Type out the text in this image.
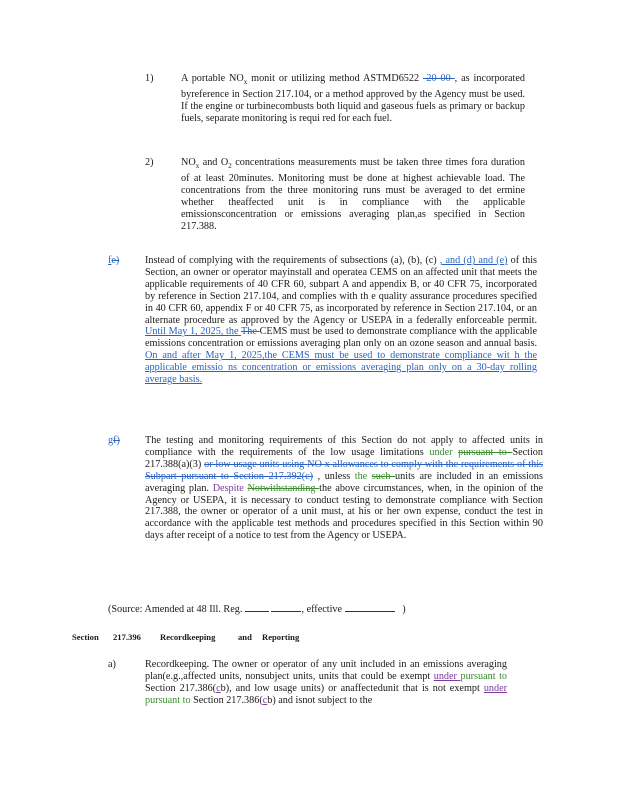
1)	A portable $NO_x$ monit or utilizing method ASTMD6522 -20 00 , as incorporated byreference in Section 217.104, or a method approved by the Agency must be used. If the engine or turbinecombusts both liquid and gaseous fuels as primary or backup fuels, separate monitoring is requi red for each fuel.

2)	$NO_x$ and $O_2$ concentrations measurements must be taken three times fora duration of at least 20minutes. Monitoring must be done at highest achievable load. The concentrations from the three monitoring runs must be averaged to det ermine whether theaffected unit is in compliance with the applicable emissionsconcentration or emissions averaging plan,as specified in Section 217.388.

fe)	Instead of complying with the requirements of subsections (a), (b), (c) , and (d) and (e) of this Section, an owner or operator mayinstall and operatea CEMS on an affected unit that meets the applicable requirements of 40 CFR 60, subpart A and appendix B, or 40 CFR 75, incorporated by reference in Section 217.104, and complies with th e quality assurance procedures specified in 40 CFR 60, appendix F or 40 CFR 75, as incorporated by reference in Section 217.104, or an alternate procedure as approved by the Agency or USEPA in a federally enforceable permit. Until May 1, 2025, the The CEMS must be used to demonstrate compliance with the applicable emissions concentration or emissions averaging plan only on an ozone season and annual basis. On and after May 1, 2025,the CEMS must be used to demonstrate compliance wit h the applicable emissio ns concentration or emissions averaging plan only on a 30-day rolling average basis.

gf) The testing and monitoring requirements of this Section do not apply to affected units in compliance with the requirements of the low usage limitations under pursuant to Section 217.388(a)(3) or low usage units using NO x allowances to comply with the requirements of this Subpart pursuant to Section 217.392(c) , unless the such units are included in an emissions averaging plan. Despite Notwithstanding the above circumstances, when, in the opinion of the Agency or USEPA, it is necessary to conduct testing to demonstrate compliance with Section 217.388, the owner or operator of a unit must, at his or her own expense, conduct the test in accordance with the applicable test methods and procedures specified in this Section within 90 days after receipt of a notice to test from the Agency or USEPA.

(Source: Amended at 48 Ill. Reg.	, effective	)
Section 217.396 Recordkeeping	and Reporting
a)	Recordkeeping. The owner or operator of any unit included in an emissions averaging plan(e.g.,affected units, nonsubject units, units that could be exempt under pursuant to Section 217.386(cb), and low usage units) or anaffectedunit that is not exempt under pursuant to Section 217.386(cb) and isnot subject to the
